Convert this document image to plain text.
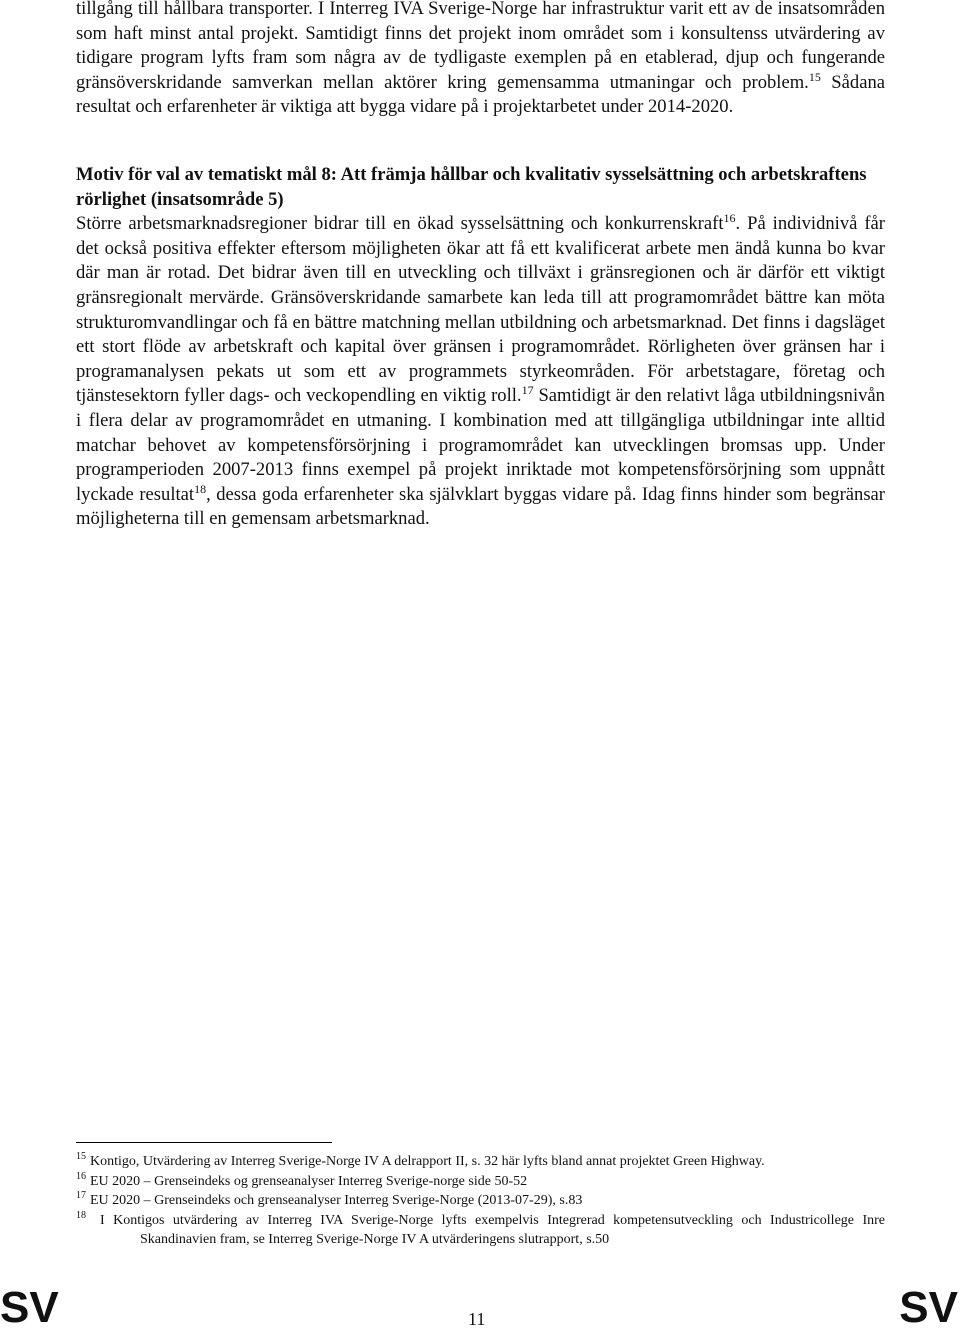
tillgång till hållbara transporter. I Interreg IVA Sverige-Norge har infrastruktur varit ett av de insatsområden som haft minst antal projekt. Samtidigt finns det projekt inom området som i konsultenss utvärdering av tidigare program lyfts fram som några av de tydligaste exemplen på en etablerad, djup och fungerande gränsöverskridande samverkan mellan aktörer kring gemensamma utmaningar och problem.$^{15}$ Sådana resultat och erfarenheter är viktiga att bygga vidare på i projektarbetet under 2014-2020.

Motiv för val av tematiskt mål 8: Att främja hållbar och kvalitativ sysselsättning och arbetskraftens rörlighet (insatsområde 5)

Större arbetsmarknadsregioner bidrar till en ökad sysselsättning och konkurrenskraft$^{16}$. På individnivå får det också positiva effekter eftersom möjligheten ökar att få ett kvalificerat arbete men ändå kunna bo kvar där man är rotad. Det bidrar även till en utveckling och tillväxt i gränsregionen och är därför ett viktigt gränsregionalt mervärde. Gränsöverskridande samarbete kan leda till att programområdet bättre kan möta strukturomvandlingar och få en bättre matchning mellan utbildning och arbetsmarknad. Det finns i dagsläget ett stort flöde av arbetskraft och kapital över gränsen i programområdet. Rörligheten över gränsen har i programanalysen pekats ut som ett av programmets styrkeområden. För arbetstagare, företag och tjänstesektorn fyller dags- och veckopendling en viktig roll.$^{17}$ Samtidigt är den relativt låga utbildningsnivån i flera delar av programområdet en utmaning. I kombination med att tillgängliga utbildningar inte alltid matchar behovet av kompetensförsörjning i programområdet kan utvecklingen bromsas upp. Under programperioden 2007-2013 finns exempel på projekt inriktade mot kompetensförsörjning som uppnått lyckade resultat$^{18}$, dessa goda erfarenheter ska självklart byggas vidare på. Idag finns hinder som begränsar möjligheterna till en gemensam arbetsmarknad.

$^{15}$ Kontigo, Utvärdering av Interreg Sverige-Norge IV A delrapport II, s. 32 här lyfts bland annat projektet Green Highway.

$^{16}$ EU 2020 – Grenseindeks og grenseanalyser Interreg Sverige-norge side 50-52

$^{17}$ EU 2020 – Grenseindeks och grenseanalyser Interreg Sverige-Norge (2013-07-29), s.83

$^{18}$ I Kontigos utvärdering av Interreg IVA Sverige-Norge lyfts exempelvis Integrerad kompetensutveckling och Industricollege Inre Skandinavien fram, se Interreg Sverige-Norge IV A utvärderingens slutrapport, s.50

SV	11	SV
